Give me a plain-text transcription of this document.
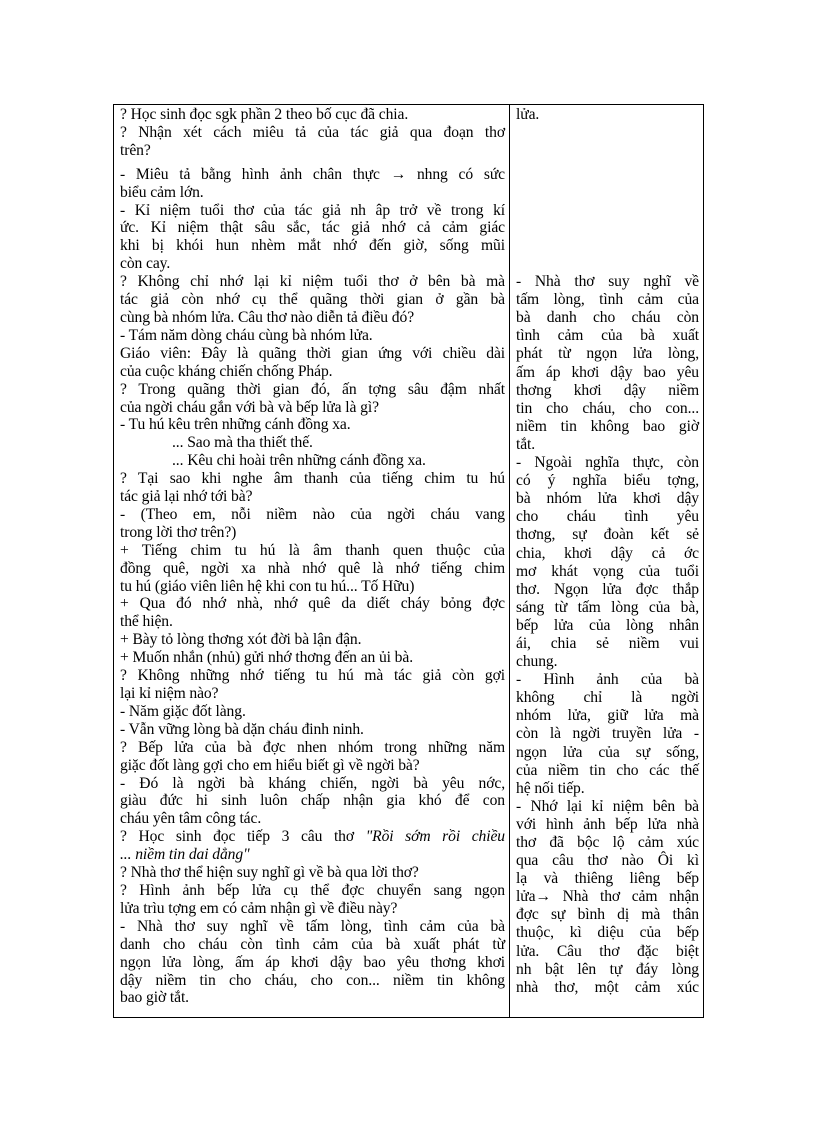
? Học sinh đọc sgk phần 2 theo bố cục đã chia.
? Nhận xét cách miêu tả của tác giả qua đoạn thơ
trên?
- Miêu tả bằng hình ảnh chân thực → nhng có sức
biểu cảm lớn.
- Kỉ niệm tuổi thơ của tác giả nh âp trở về trong kí
ức. Kỉ niệm thật sâu sắc, tác giả nhớ cả cảm giác
khi bị khói hun nhèm mắt nhớ đến giờ, sống mũi
còn cay.
? Không chỉ nhớ lại kỉ niệm tuổi thơ ở bên bà mà
tác giả còn nhớ cụ thể quãng thời gian ở gần bà
cùng bà nhóm lửa. Câu thơ nào diễn tả điều đó?
- Tám năm dòng cháu cùng bà nhóm lửa.
Giáo viên: Đây là quãng thời gian ứng với chiều dài
của cuộc kháng chiến chống Pháp.
? Trong quãng thời gian đó, ấn tợng sâu đậm nhất
của ngời cháu gắn với bà và bếp lửa là gì?
- Tu hú kêu trên những cánh đồng xa.
... Sao mà tha thiết thế.
... Kêu chi hoài trên những cánh đồng xa.
? Tại sao khi nghe âm thanh của tiếng chim tu hú
tác giả lại nhớ tới bà?
- (Theo em, nỗi niềm nào của ngời cháu vang
trong lời thơ trên?)
+ Tiếng chim tu hú là âm thanh quen thuộc của
đồng quê, ngời xa nhà nhớ quê là nhớ tiếng chim
tu hú (giáo viên liên hệ khi con tu hú... Tố Hữu)
+ Qua đó nhớ nhà, nhớ quê da diết cháy bỏng đợc
thể hiện.
+ Bày tỏ lòng thơng xót đời bà lận đận.
+ Muốn nhắn (nhủ) gửi nhớ thơng đến an ủi bà.
? Không những nhớ tiếng tu hú mà tác giả còn gợi
lại kỉ niệm nào?
- Năm giặc đốt làng.
- Vẫn vững lòng bà dặn cháu đinh ninh.
? Bếp lửa của bà đợc nhen nhóm trong những năm
giặc đốt làng gợi cho em hiểu biết gì về ngời bà?
- Đó là ngời bà kháng chiến, ngời bà yêu nớc,
giàu đức hi sinh luôn chấp nhận gia khó để con
cháu yên tâm công tác.
? Học sinh đọc tiếp 3 câu thơ "Rồi sớm rồi chiều
... niềm tin dai dẳng"
? Nhà thơ thể hiện suy nghĩ gì về bà qua lời thơ?
? Hình ảnh bếp lửa cụ thể đợc chuyển sang ngọn
lửa trìu tợng em có cảm nhận gì về điều này?
- Nhà thơ suy nghĩ về tấm lòng, tình cảm của bà
danh cho cháu còn tình cảm của bà xuất phát từ
ngọn lửa lòng, ấm áp khơi dậy bao yêu thơng khơi
dậy niềm tin cho cháu, cho con... niềm tin không
bao giờ tắt.
lửa.
- Nhà thơ suy nghĩ về
tấm lòng, tình cảm của
bà danh cho cháu còn
tình cảm của bà xuất
phát từ ngọn lửa lòng,
ấm áp khơi dậy bao yêu
thơng khơi dậy niềm
tin cho cháu, cho con...
niềm tin không bao giờ
tắt.
- Ngoài nghĩa thực, còn
có ý nghĩa biểu tợng,
bà nhóm lửa khơi dậy
cho cháu tình yêu
thơng, sự đoàn kết sẻ
chia, khơi dậy cả ớc
mơ khát vọng của tuổi
thơ. Ngọn lửa đợc thắp
sáng từ tấm lòng của bà,
bếp lửa của lòng nhân
ái, chia sẻ niềm vui
chung.
- Hình ảnh của bà
không chỉ là ngời
nhóm lửa, giữ lửa mà
còn là ngời truyền lửa -
ngọn lửa của sự sống,
của niềm tin cho các thế
hệ nối tiếp.
- Nhớ lại kỉ niệm bên bà
với hình ảnh bếp lửa nhà
thơ đã bộc lộ cảm xúc
qua câu thơ nào Ôi kì
lạ và thiêng liêng bếp
lửa→ Nhà thơ cảm nhận
đợc sự bình dị mà thân
thuộc, kì diệu của bếp
lửa. Câu thơ đặc biệt
nh bật lên tự đáy lòng
nhà thơ, một cảm xúc
